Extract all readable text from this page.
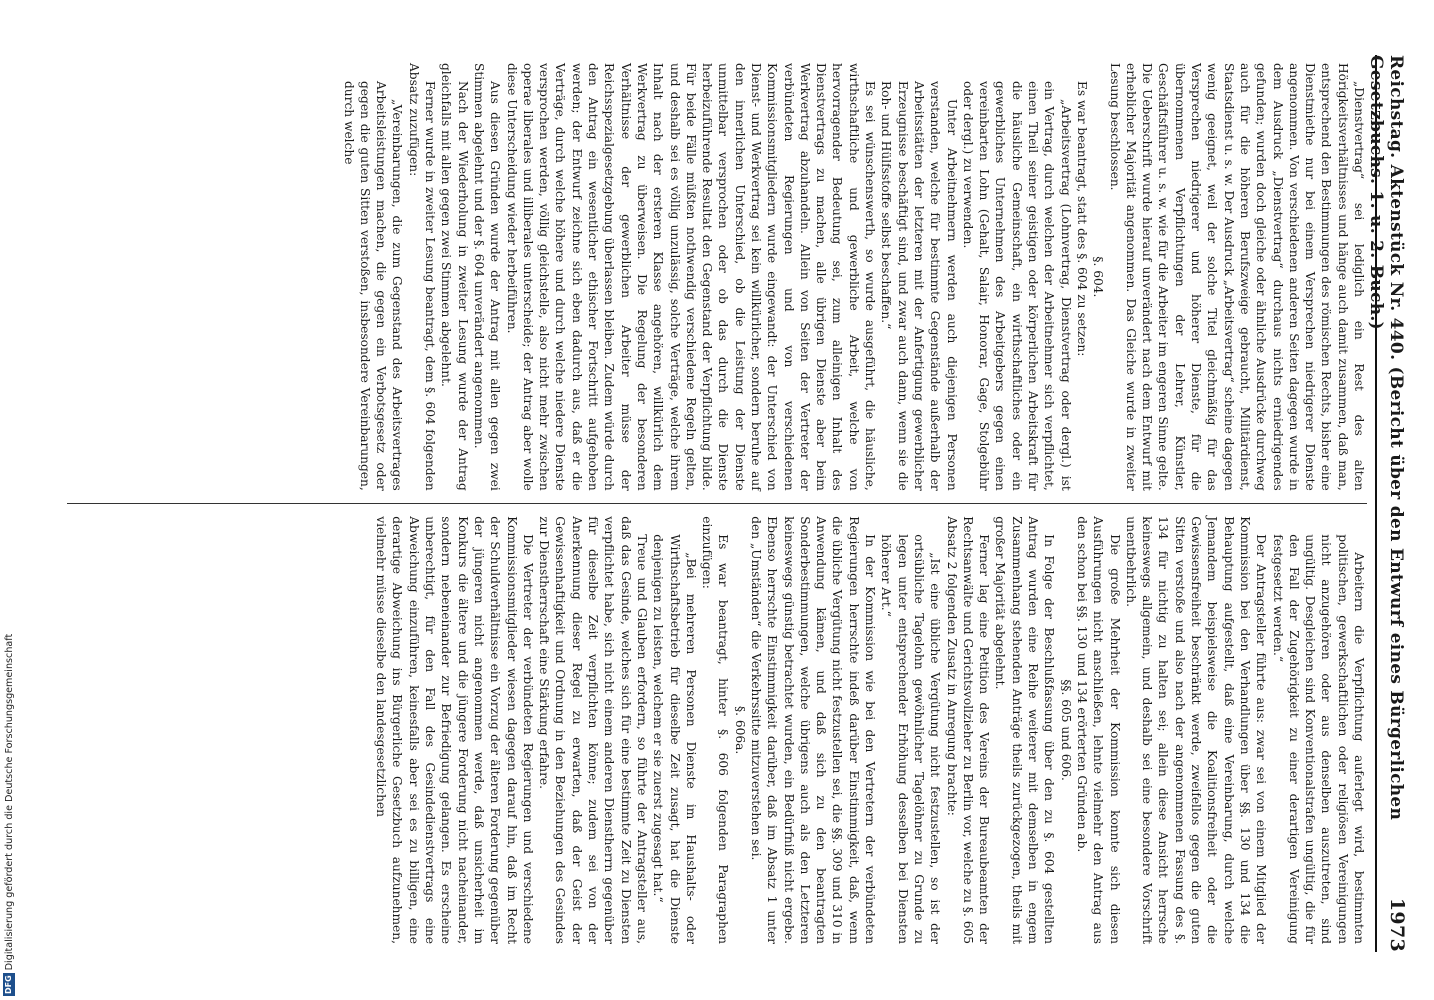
Reichstag. Aktenstück Nr. 440. (Bericht über den Entwurf eines Bürgerlichen Gesetzbuchs. 1. u. 2. Buch.)
1973

„Dienstvertrag“ sei lediglich ein Rest des alten Hörigkeitsverhältnisses und hänge auch damit zusammen, daß man, entsprechend den Bestimmungen des römischen Rechts, bisher eine Dienstmiethe nur bei einem Versprechen niedrigerer Dienste angenommen. Von verschiedenen anderen Seiten dagegen wurde in dem Ausdruck „Dienstvertrag“ durchaus nichts erniedrigendes gefunden; wurden doch gleiche oder ähnliche Ausdrücke durchweg auch für die höheren Berufszweige gebraucht, Militärdienst, Staatsdienst u. s. w. Der Ausdruck „Arbeitsvertrag“ scheine dagegen wenig geeignet, weil der solche Titel gleichmäßig für das Versprechen niedrigerer und höherer Dienste, für die übernommenen Verpflichtungen der Lehrer, Künstler, Geschäftsführer u. s. w. wie für die Arbeiter im engeren Sinne gelte. Die Ueberschrift wurde hierauf unverändert nach dem Entwurf mit erheblicher Majorität angenommen. Das Gleiche wurde in zweiter Lesung beschlossen.

§. 604.

Es war beantragt, statt des §. 604 zu setzen:

„Arbeitsvertrag (Lohnvertrag, Dienstvertrag oder dergl.) ist ein Vertrag, durch welchen der Arbeitnehmer sich verpflichtet, einen Theil seiner geistigen oder körperlichen Arbeitskraft für die häusliche Gemeinschaft, ein wirthschaftliches oder ein gewerbliches Unternehmen des Arbeitgebers gegen einen vereinbarten Lohn (Gehalt, Salair, Honorar, Gage, Stolgebühr oder dergl.) zu verwenden.

Unter Arbeitnehmern werden auch diejenigen Personen verstanden, welche für bestimmte Gegenstände außerhalb der Arbeitsstätten der letzteren mit der Anfertigung gewerblicher Erzeugnisse beschäftigt sind, und zwar auch dann, wenn sie die Roh- und Hülfsstoffe selbst beschaffen.“

Es sei wünschenswerth, so wurde ausgeführt, die häusliche, wirthschaftliche und gewerbliche Arbeit, welche von hervorragender Bedeutung sei, zum alleinigen Inhalt des Dienstvertrags zu machen, alle übrigen Dienste aber beim Werkvertrag abzuhandeln. Allein von Seiten der Vertreter der verbündeten Regierungen und von verschiedenen Kommissionsmitgliedern wurde eingewandt: der Unterschied von Dienst- und Werkvertrag sei kein willkürlicher, sondern beruhe auf den innerlichen Unterschied, ob die Leistung der Dienste unmittelbar versprochen oder ob das durch die Dienste herbeizuführende Resultat den Gegenstand der Verpflichtung bilde. Für beide Fälle müßten nothwendig verschiedene Regeln gelten, und deshalb sei es völlig unzulässig, solche Verträge, welche ihrem Inhalt nach der ersteren Klasse angehören, willkürlich dem Werkvertrag zu überweisen. Die Regelung der besonderen Verhältnisse der gewerblichen Arbeiter müsse der Reichsspezialgesetzgebung überlassen bleiben. Zudem würde durch den Antrag ein wesentlicher ethischer Fortschritt aufgehoben werden; der Entwurf zeichne sich eben dadurch aus, daß er die Verträge, durch welche höhere und durch welche niedere Dienste versprochen werden, völlig gleichstelle, also nicht mehr zwischen operae liberales und illiberales unterscheide; der Antrag aber wolle diese Unterscheidung wieder herbeiführen.

Aus diesen Gründen wurde der Antrag mit allen gegen zwei Stimmen abgelehnt und der §. 604 unverändert angenommen.

Nach der Wiederholung in zweiter Lesung wurde der Antrag gleichfalls mit allen gegen zwei Stimmen abgelehnt.

Ferner wurde in zweiter Lesung beantragt, dem §. 604 folgenden Absatz zuzufügen:

„Vereinbarungen, die zum Gegenstand des Arbeitsvertrages Arbeitsleistungen machen, die gegen ein Verbotsgesetz oder gegen die guten Sitten verstoßen, insbesondere Vereinbarungen, durch welche

Arbeitern die Verpflichtung auferlegt wird, bestimmten politischen, gewerkschaftlichen oder religiösen Vereinigungen nicht anzugehören oder aus denselben auszutreten, sind ungültig. Desgleichen sind Konventionalstrafen ungültig, die für den Fall der Zugehörigkeit zu einer derartigen Vereinigung festgesetzt werden.“

Der Antragsteller führte aus: zwar sei von einem Mitglied der Kommission bei den Verhandlungen über §§. 130 und 134 die Behauptung aufgestellt, daß eine Vereinbarung, durch welche Jemandem beispielsweise die Koalitionsfreiheit oder die Gewissensfreiheit beschränkt werde, zweifellos gegen die guten Sitten verstoße und also nach der angenommenen Fassung des §. 134 für nichtig zu halten sei; allein diese Ansicht herrsche keineswegs allgemein, und deshalb sei eine besondere Vorschrift unentbehrlich.

Die große Mehrheit der Kommission konnte sich diesen Ausführungen nicht anschließen, lehnte vielmehr den Antrag aus den schon bei §§. 130 und 134 erörterten Gründen ab.

§§. 605 und 606.

In Folge der Beschlußfassung über den zu §. 604 gestellten Antrag wurden eine Reihe weiterer mit demselben in engem Zusammenhang stehenden Anträge theils zurückgezogen, theils mit großer Majorität abgelehnt.

Ferner lag eine Petition des Vereins der Bureaubeamten der Rechtsanwälte und Gerichtsvollzieher zu Berlin vor, welche zu §. 605 Absatz 2 folgenden Zusatz in Anregung brachte:

„Ist eine übliche Vergütung nicht festzustellen, so ist der ortsübliche Tagelohn gewöhnlicher Tagelöhner zu Grunde zu legen unter entsprechender Erhöhung desselben bei Diensten höherer Art.“

In der Kommission wie bei den Vertretern der verbündeten Regierungen herrschte indeß darüber Einstimmigkeit, daß, wenn die übliche Vergütung nicht festzustellen sei, die §§. 309 und 310 in Anwendung kämen, und daß sich zu den beantragten Sonderbestimmungen, welche übrigens auch als den Letzteren keineswegs günstig betrachtet wurden, ein Bedürfniß nicht ergebe. Ebenso herrschte Einstimmigkeit darüber, daß im Absatz 1 unter den „Umständen“ die Verkehrssitte mitzuverstehen sei.

§. 606a.

Es war beantragt, hinter §. 606 folgenden Paragraphen einzufügen:

„Bei mehreren Personen Dienste im Haushalts- oder Wirthschaftsbetrieb für dieselbe Zeit zusagt, hat die Dienste denjenigen zu leisten, welchem er sie zuerst zugesagt hat.“

Treue und Glauben erfordern, so führte der Antragsteller aus, daß das Gesinde, welches sich für eine bestimmte Zeit zu Diensten verpflichtet habe, sich nicht einem anderen Dienstherrn gegenüber für dieselbe Zeit verpflichten könne; zudem sei von der Anerkennung dieser Regel zu erwarten, daß der Geist der Gewissenhaftigkeit und Ordnung in den Beziehungen des Gesindes zur Dienstherrschaft eine Stärkung erfahre.

Die Vertreter der verbündeten Regierungen und verschiedene Kommissionsmitglieder wiesen dagegen darauf hin, daß im Recht der Schuldverhältnisse ein Vorzug der älteren Forderung gegenüber der jüngeren nicht angenommen werde, daß unsicherheit im Konkurs die ältere und die jüngere Forderung nicht nacheinander, sondern nebeneinander zur Befriedigung gelangen. Es erscheine unberechtigt, für den Fall des Gesindedienstvertrags eine Abweichung einzuführen, keinesfalls aber sei es zu billigen, eine derartige Abweichung ins Bürgerliche Gesetzbuch aufzunehmen, vielmehr müsse dieselbe den landesgesetzlichen

DFGDigitalisierung gefördert durch die Deutsche Forschungsgemeinschaft
